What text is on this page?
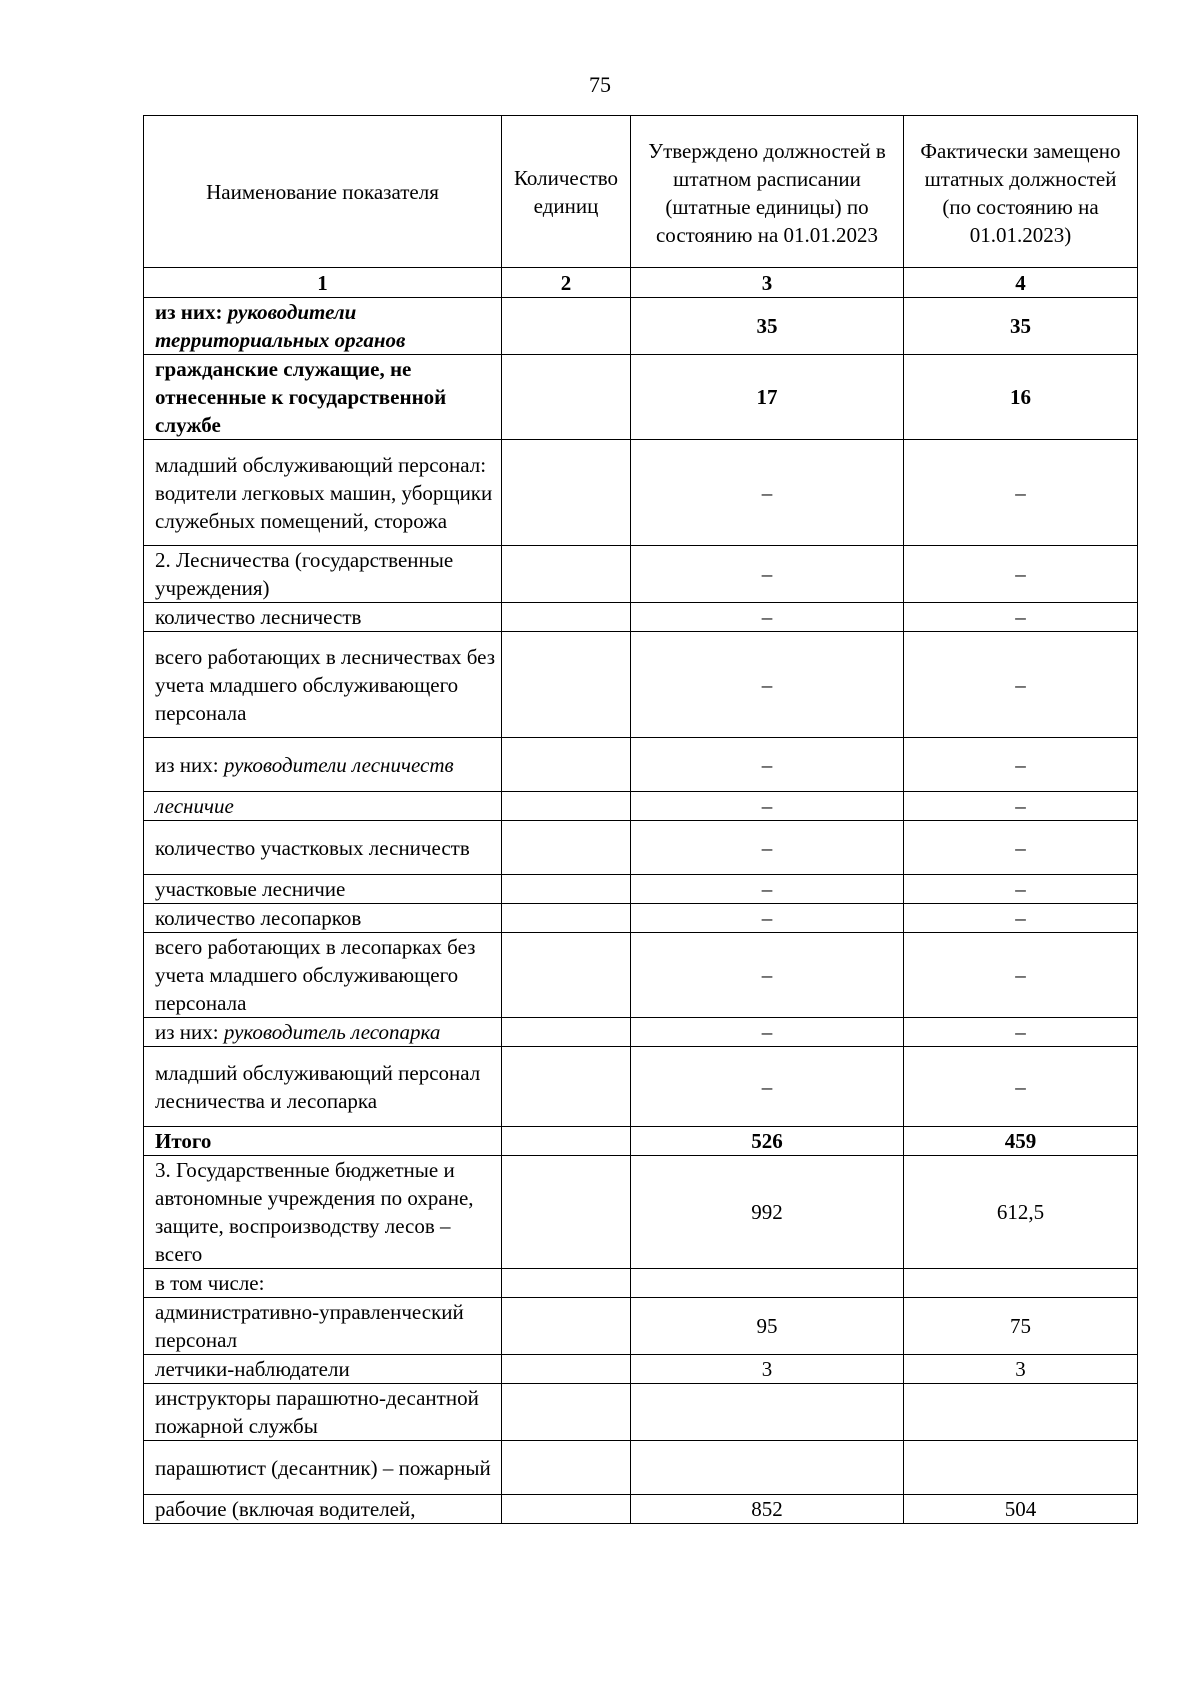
75
Наименование показателя	Количество единиц	Утверждено должностей в штатном расписании (штатные единицы) по состоянию на 01.01.2023	Фактически замещено штатных должностей (по состоянию на 01.01.2023)
1	2	3	4
из них: руководители территориальных органов		35	35
гражданские служащие, не отнесенные к государственной службе		17	16
младший обслуживающий персонал: водители легковых машин, уборщики служебных помещений, сторожа		–	–
2. Лесничества (государственные учреждения)		–	–
количество лесничеств		–	–
всего работающих в лесничествах без учета младшего обслуживающего персонала		–	–
из них: руководители лесничеств		–	–
лесничие		–	–
количество участковых лесничеств		–	–
участковые лесничие		–	–
количество лесопарков		–	–
всего работающих в лесопарках без учета младшего обслуживающего персонала		–	–
из них: руководитель лесопарка		–	–
младший обслуживающий персонал лесничества и лесопарка		–	–
Итого		526	459
3. Государственные бюджетные и автономные учреждения по охране, защите, воспроизводству лесов – всего		992	612,5
в том числе:			
административно-управленческий персонал		95	75
летчики-наблюдатели		3	3
инструкторы парашютно-десантной пожарной службы			
парашютист (десантник) – пожарный			
рабочие (включая водителей,		852	504
